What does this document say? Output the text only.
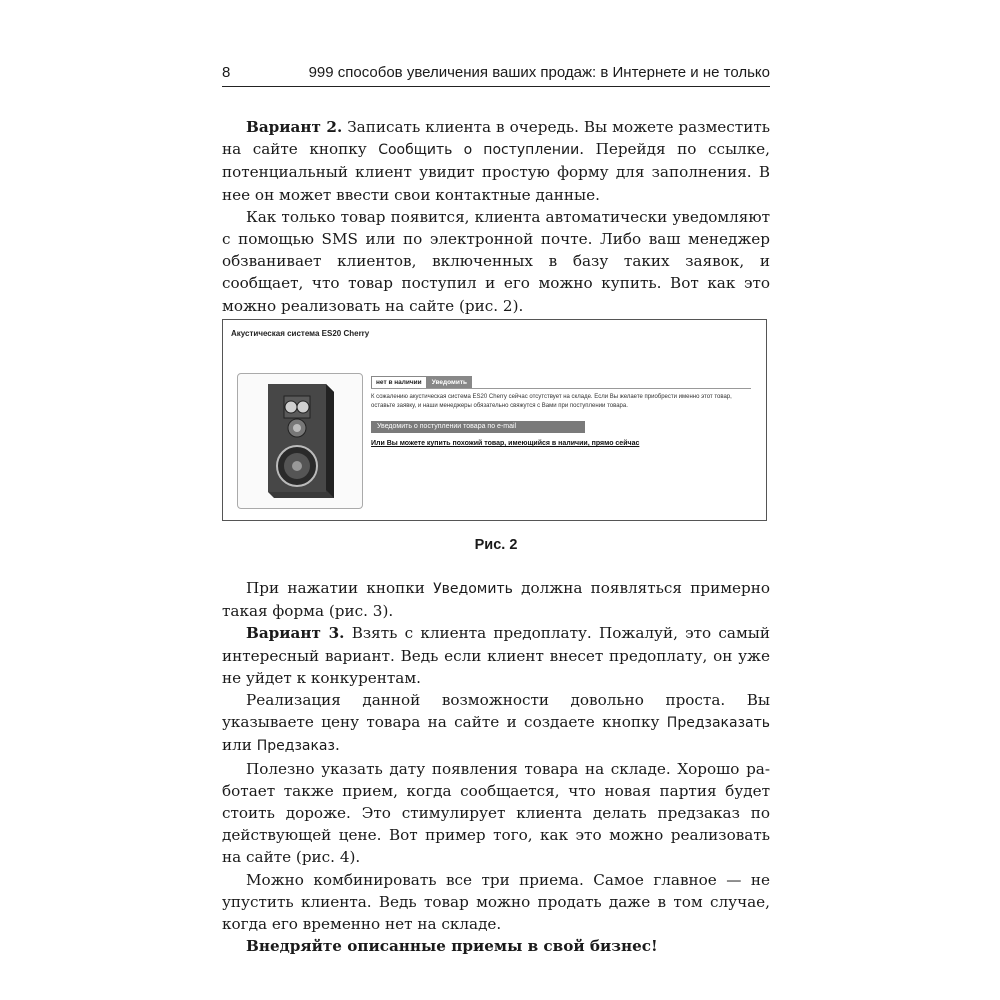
8	999 способов увеличения ваших продаж: в Интернете и не только

Вариант 2. Записать клиента в очередь. Вы можете разместить на сайте кнопку Сообщить о поступлении. Перейдя по ссылке, потенциальный клиент увидит простую форму для заполнения. В нее он может ввести свои контактные данные.

Как только товар появится, клиента автоматически уведомляют с помощью SMS или по электронной почте. Либо ваш менеджер обзванивает клиентов, включенных в базу таких заявок, и сообщает, что товар поступил и его можно купить. Вот как это можно реализовать на сайте (рис. 2).

Акустическая система ES20 Cherry
нет в наличии	Уведомить
К сожалению акустическая система ES20 Cherry сейчас отсутствует на складе. Если Вы желаете приобрести именно этот товар, оставьте заявку, и наши менеджеры обязательно свяжутся с Вами при поступлении товара.
Уведомить о поступлении товара по e-mail
Или Вы можете купить похожий товар, имеющийся в наличии, прямо сейчас
Рис. 2

При нажатии кнопки Уведомить должна появляться примерно такая форма (рис. 3).

Вариант 3. Взять с клиента предоплату. Пожалуй, это самый интересный вариант. Ведь если клиент внесет предоплату, он уже не уйдет к конкурентам.

Реализация данной возможности довольно проста. Вы указываете цену товара на сайте и создаете кнопку Предзаказать или Предзаказ.

Полезно указать дату появления товара на складе. Хорошо работает также прием, когда сообщается, что новая партия будет стоить дороже. Это стимулирует клиента делать предзаказ по действующей цене. Вот пример того, как это можно реализовать на сайте (рис. 4).

Можно комбинировать все три приема. Самое главное — не упустить клиента. Ведь товар можно продать даже в том случае, когда его временно нет на складе.

Внедряйте описанные приемы в свой бизнес!
